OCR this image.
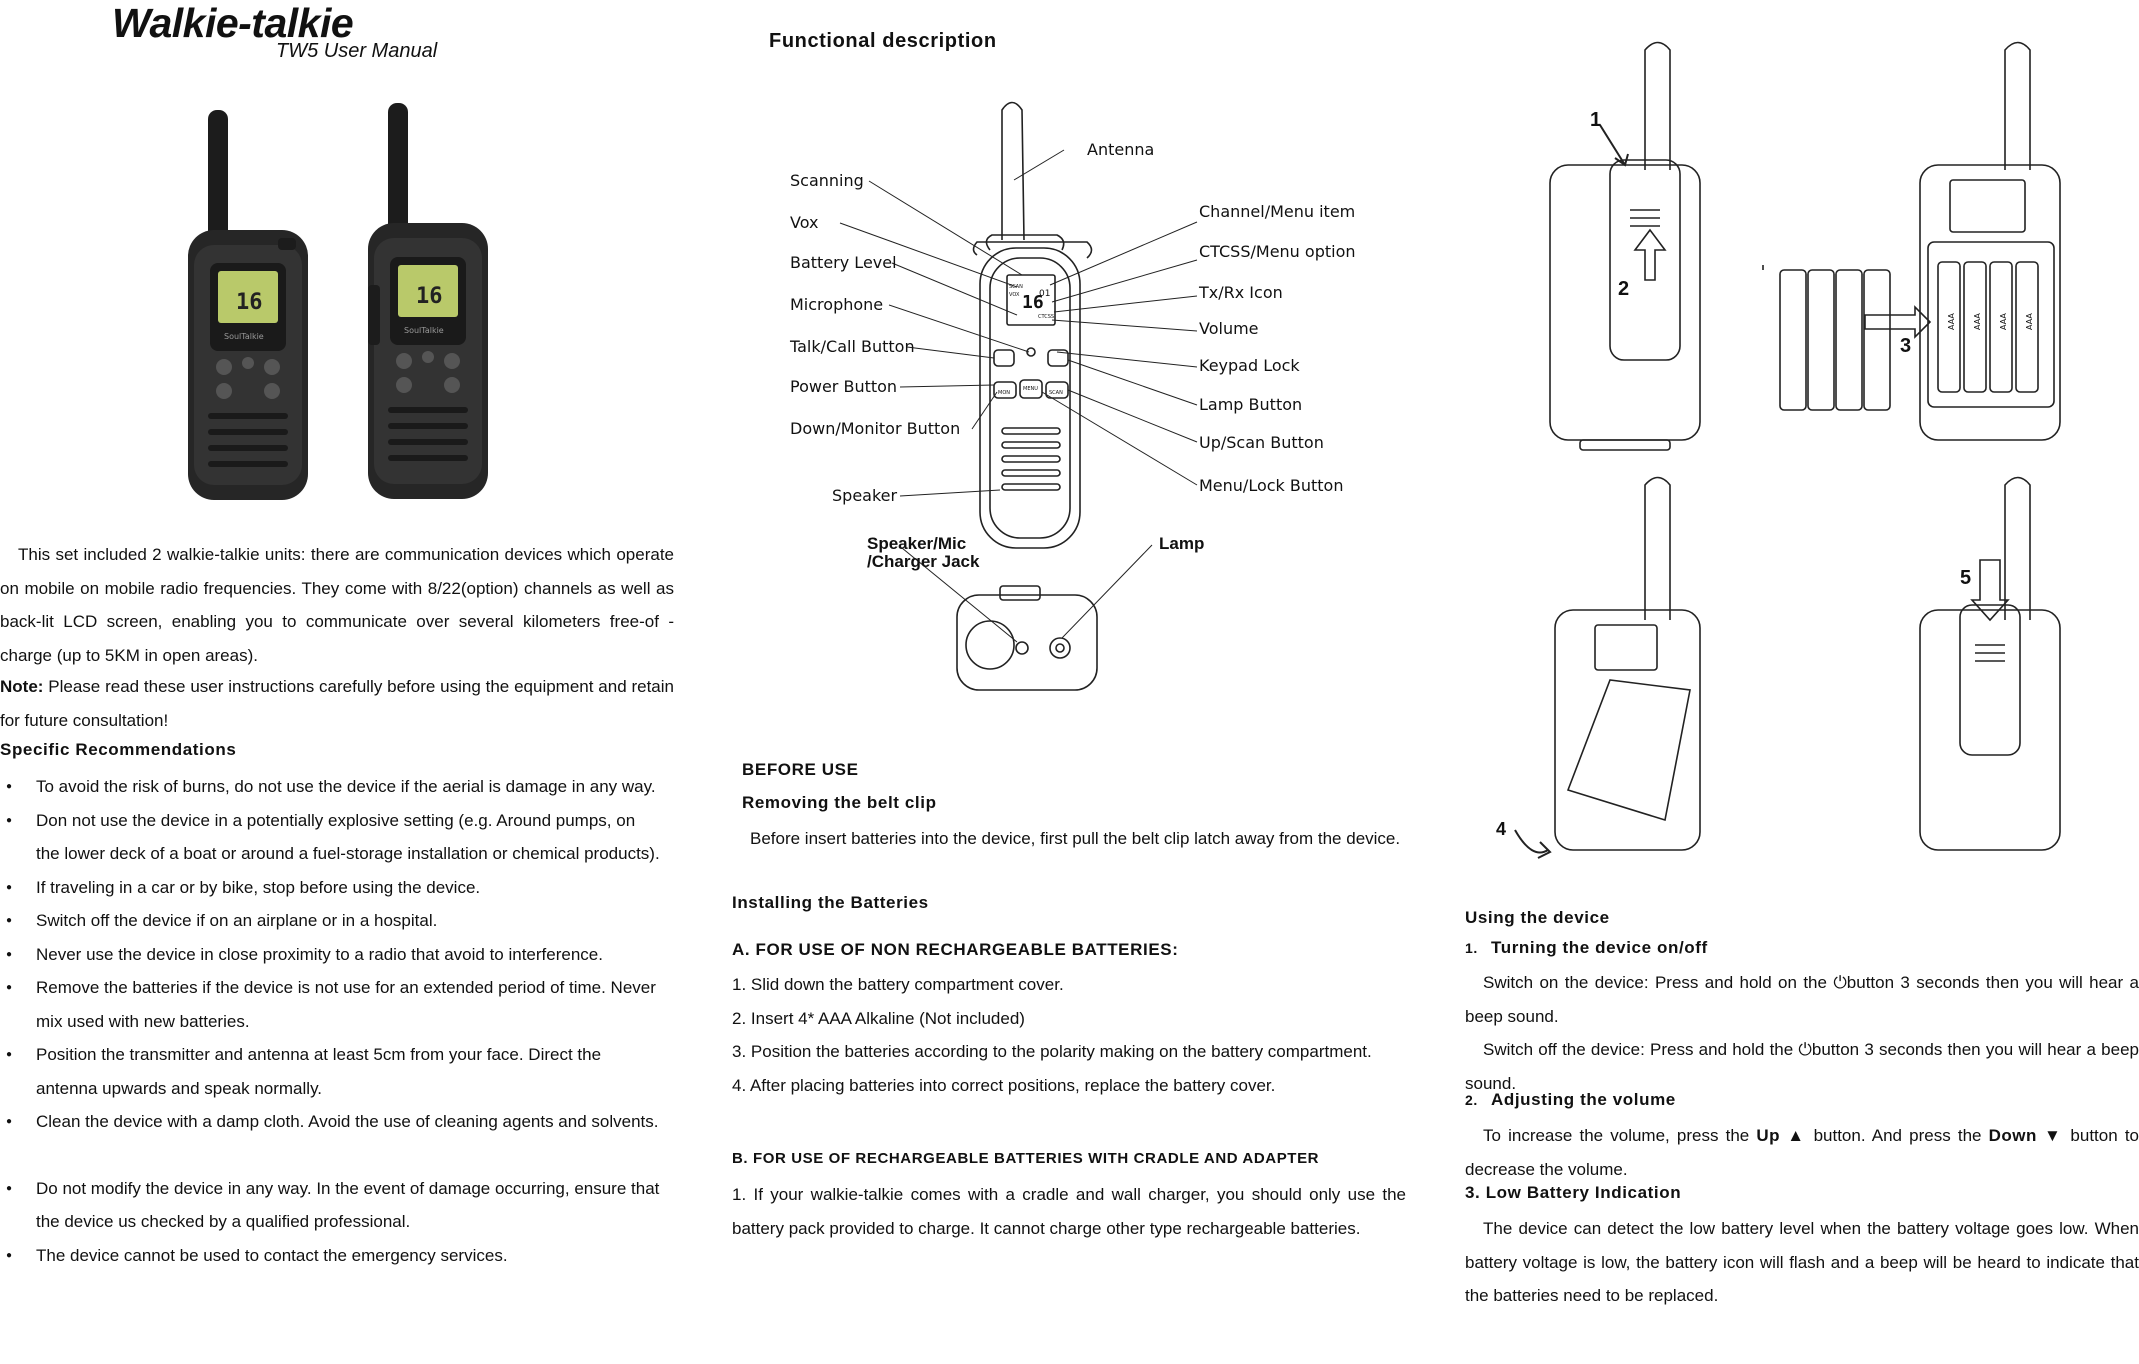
Walkie-talkie
TW5 User Manual
16
SoulTalkie
16
SoulTalkie
This set included 2 walkie-talkie units: there are communication devices which operate on mobile on mobile radio frequencies. They come with 8/22(option) channels as well as back-lit LCD screen, enabling you to communicate over several kilometers free-of -charge (up to 5KM in open areas).
Note: Please read these user instructions carefully before using the equipment and retain for future consultation!
Specific Recommendations
● To avoid the risk of burns, do not use the device if the aerial is damage in any way.
● Don not use the device in a potentially explosive setting (e.g. Around pumps, on the lower deck of a boat or around a fuel-storage installation or chemical products).
● If traveling in a car or by bike, stop before using the device.
● Switch off the device if on an airplane or in a hospital.
● Never use the device in close proximity to a radio that avoid to interference.
● Remove the batteries if the device is not use for an extended period of time. Never mix used with new batteries.
● Position the transmitter and antenna at least 5cm from your face. Direct the antenna upwards and speak normally.
● Clean the device with a damp cloth. Avoid the use of cleaning agents and solvents.
● Do not modify the device in any way. In the event of damage occurring, ensure that the device us checked by a qualified professional.
● The device cannot be used to contact the emergency services.
Functional description
16
01
SCAN
VOX
CTCSS
MON
MENU
SCAN
Scanning
Vox
Battery Level
Microphone
Talk/Call Button
Power Button
Down/Monitor Button
Speaker
Antenna
Channel/Menu item
CTCSS/Menu option
Tx/Rx Icon
Volume
Keypad Lock
Lamp Button
Up/Scan Button
Menu/Lock Button
Speaker/Mic
/Charger Jack
Lamp
BEFORE USE
Removing the belt clip
Before insert batteries into the device, first pull the belt clip latch away from the device.
Installing the Batteries
A. FOR USE OF NON RECHARGEABLE BATTERIES:
1. Slid down the battery compartment cover.
2. Insert 4* AAA Alkaline (Not included)
3. Position the batteries according to the polarity making on the battery compartment.
4. After placing batteries into correct positions, replace the battery cover.
B. FOR USE OF RECHARGEABLE BATTERIES WITH CRADLE AND ADAPTER
1. If your walkie-talkie comes with a cradle and wall charger, you should only use the battery pack provided to charge. It cannot charge other type rechargeable batteries.
1
2
AAA AAA AAA AAA
3
4
5
Using the device
1. Turning the device on/off
Switch on the device: Press and hold on the ⏻button 3 seconds then you will hear a beep sound.
Switch off the device: Press and hold the ⏻button 3 seconds then you will hear a beep sound.
2. Adjusting the volume
To increase the volume, press the Up ▲ button. And press the Down ▼ button to decrease the volume.
3. Low Battery Indication
The device can detect the low battery level when the battery voltage goes low. When battery voltage is low, the battery icon will flash and a beep will be heard to indicate that the batteries need to be replaced.
